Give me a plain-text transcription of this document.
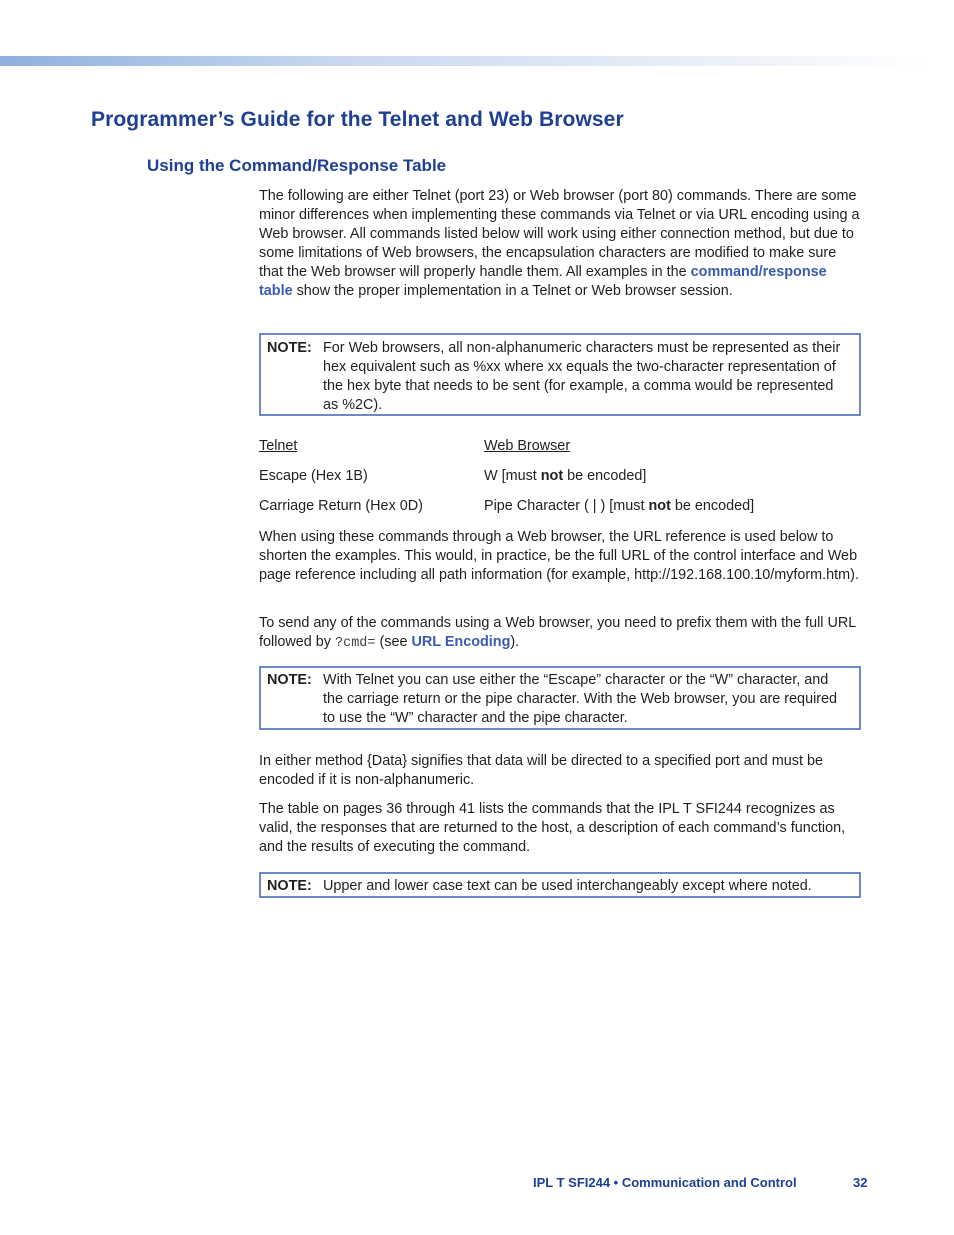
Programmer’s Guide for the Telnet and Web Browser
Using the Command/Response Table

The following are either Telnet (port 23) or Web browser (port 80) commands. There are some minor differences when implementing these commands via Telnet or via URL encoding using a Web browser. All commands listed below will work using either connection method, but due to some limitations of Web browsers, the encapsulation characters are modified to make sure that the Web browser will properly handle them. All examples in the command/response table show the proper implementation in a Telnet or Web browser session.

NOTE: For Web browsers, all non-alphanumeric characters must be represented as their hex equivalent such as %xx where xx equals the two-character representation of the hex byte that needs to be sent (for example, a comma would be represented as %2C).
Telnet	Web Browser
Escape (Hex 1B)	W [must not be encoded]
Carriage Return (Hex 0D)	Pipe Character ( | ) [must not be encoded]

When using these commands through a Web browser, the URL reference is used below to shorten the examples. This would, in practice, be the full URL of the control interface and Web page reference including all path information (for example, http://192.168.100.10/myform.htm).

To send any of the commands using a Web browser, you need to prefix them with the full URL followed by ?cmd= (see URL Encoding).

NOTE: With Telnet you can use either the “Escape” character or the “W” character, and the carriage return or the pipe character. With the Web browser, you are required to use the “W” character and the pipe character.

In either method {Data} signifies that data will be directed to a specified port and must be encoded if it is non-alphanumeric.

The table on pages 36 through 41 lists the commands that the IPL T SFI244 recognizes as valid, the responses that are returned to the host, a description of each command’s function, and the results of executing the command.

NOTE: Upper and lower case text can be used interchangeably except where noted.
IPL T SFI244 • Communication and Control	32
